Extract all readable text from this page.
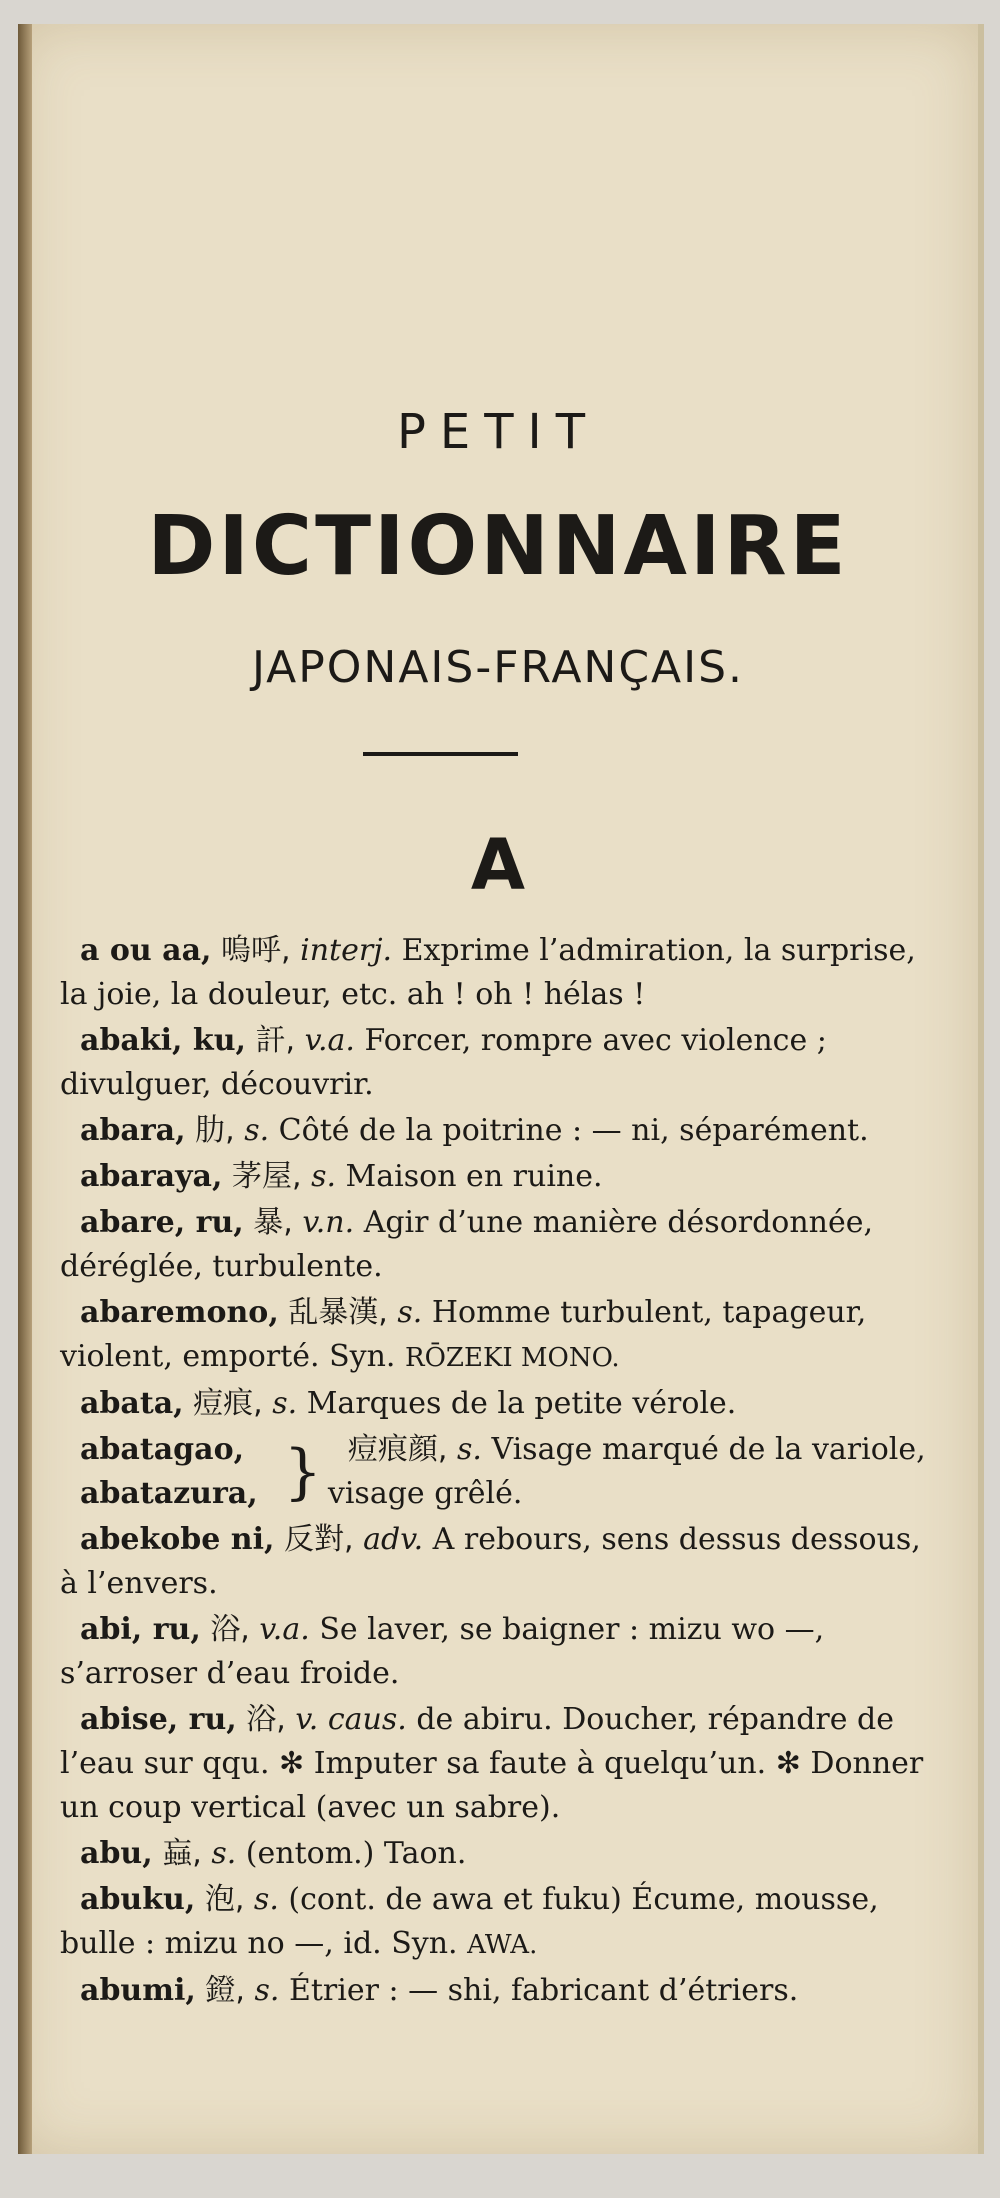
PETIT
DICTIONNAIRE
JAPONAIS-FRANÇAIS.
A
a ou aa, 嗚呼, interj. Exprime l’admiration, la surprise, la joie, la douleur, etc. ah ! oh ! hélas !
abaki, ku, 訐, v.a. Forcer, rompre avec violence ; divulguer, découvrir.
abara, 肋, s. Côté de la poitrine : — ni, séparément.
abaraya, 茅屋, s. Maison en ruine.
abare, ru, 暴, v.n. Agir d’une manière désordonnée, déréglée, turbulente.
abaremono, 乱暴漢, s. Homme turbulent, tapageur, violent, emporté. Syn. RŌZEKI MONO.
abata, 痘痕, s. Marques de la petite vérole.
abatagao,
abatazura, } 痘痕顔, s. Visage marqué de la variole, visage grêlé.
abekobe ni, 反對, adv. A rebours, sens dessus dessous, à l’envers.
abi, ru, 浴, v.a. Se laver, se baigner : mizu wo —, s’arroser d’eau froide.
abise, ru, 浴, v. caus. de abiru. Doucher, répandre de l’eau sur qqu. ✻ Imputer sa faute à quelqu’un. ✻ Donner un coup vertical (avec un sabre).
abu, 蝱, s. (entom.) Taon.
abuku, 泡, s. (cont. de awa et fuku) Écume, mousse, bulle : mizu no —, id. Syn. AWA.
abumi, 鐙, s. Étrier : — shi, fabricant d’étriers.
